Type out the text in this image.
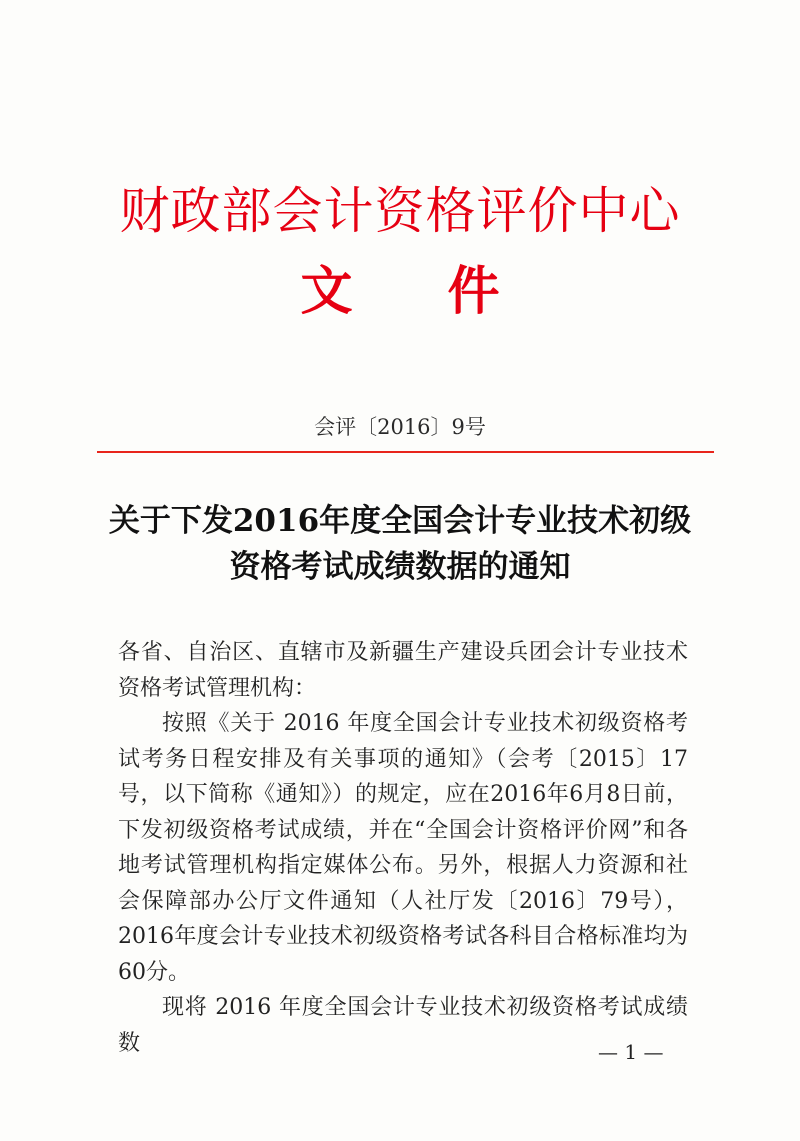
财政部会计资格评价中心
文件
会评〔2016〕9号
关于下发2016年度全国会计专业技术初级
资格考试成绩数据的通知

各省、自治区、直辖市及新疆生产建设兵团会计专业技术资格考试管理机构：

按照《关于 2016 年度全国会计专业技术初级资格考试考务日程安排及有关事项的通知》（会考〔2015〕17 号，以下简称《通知》）的规定，应在2016年6月8日前，下发初级资格考试成绩，并在“全国会计资格评价网”和各地考试管理机构指定媒体公布。另外，根据人力资源和社会保障部办公厅文件通知（人社厅发〔2016〕79号），2016年度会计专业技术初级资格考试各科目合格标准均为60分。

现将 2016 年度全国会计专业技术初级资格考试成绩数	— 1 —
